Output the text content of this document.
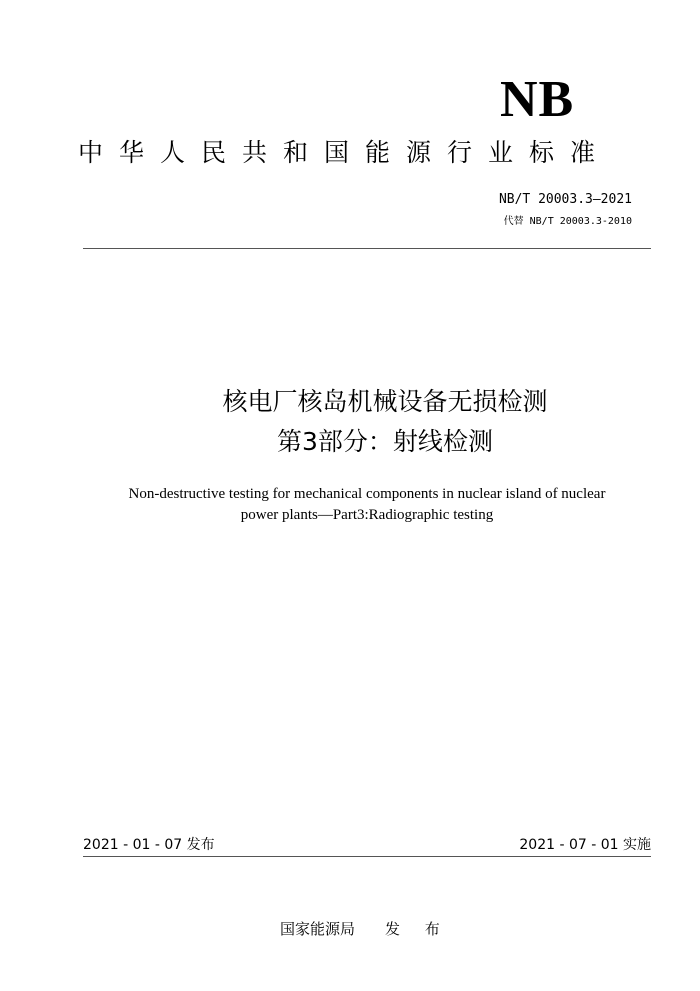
NB
中华人民共和国能源行业标准
NB/T 20003.3—2021
代替 NB/T 20003.3-2010
核电厂核岛机械设备无损检测
第3部分：射线检测
Non-destructive testing for mechanical components in nuclear island of nuclear
power plants—Part3:Radiographic testing
2021 - 01 - 07 发布	2021 - 07 - 01 实施
国家能源局 发 布
